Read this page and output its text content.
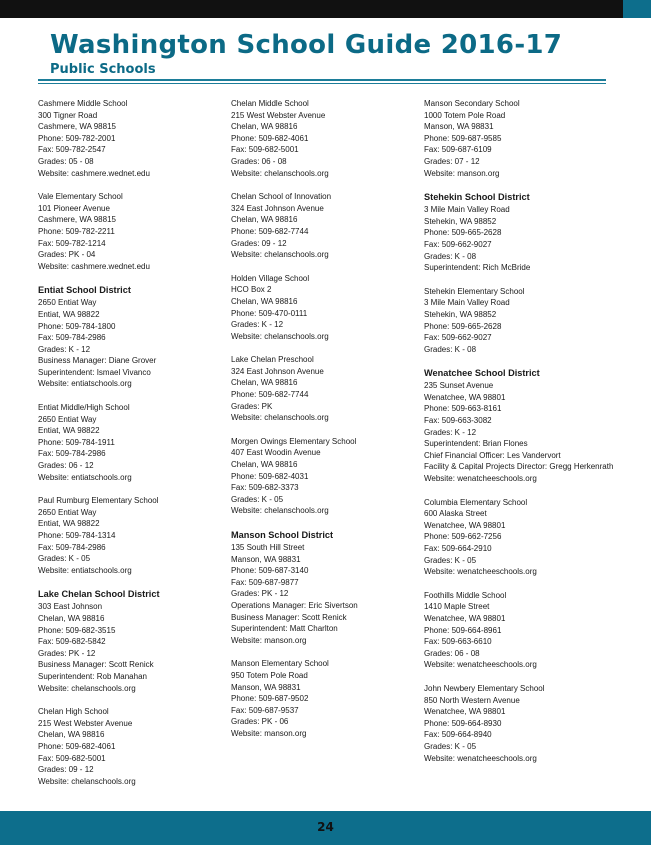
Washington School Guide 2016-17
Public Schools
Cashmere Middle School
300 Tigner Road
Cashmere, WA 98815
Phone: 509-782-2001
Fax: 509-782-2547
Grades: 05 - 08
Website: cashmere.wednet.edu
Vale Elementary School
101 Pioneer Avenue
Cashmere, WA 98815
Phone: 509-782-2211
Fax: 509-782-1214
Grades: PK - 04
Website: cashmere.wednet.edu
Entiat School District
2650 Entiat Way
Entiat, WA 98822
Phone: 509-784-1800
Fax: 509-784-2986
Grades: K - 12
Business Manager: Diane Grover
Superintendent: Ismael Vivanco
Website: entiatschools.org
Entiat Middle/High School
2650 Entiat Way
Entiat, WA 98822
Phone: 509-784-1911
Fax: 509-784-2986
Grades: 06 - 12
Website: entiatschools.org
Paul Rumburg Elementary School
2650 Entiat Way
Entiat, WA 98822
Phone: 509-784-1314
Fax: 509-784-2986
Grades: K - 05
Website: entiatschools.org
Lake Chelan School District
303 East Johnson
Chelan, WA 98816
Phone: 509-682-3515
Fax: 509-682-5842
Grades: PK - 12
Business Manager: Scott Renick
Superintendent: Rob Manahan
Website: chelanschools.org
Chelan High School
215 West Webster Avenue
Chelan, WA 98816
Phone: 509-682-4061
Fax: 509-682-5001
Grades: 09 - 12
Website: chelanschools.org
Chelan Middle School
215 West Webster Avenue
Chelan, WA 98816
Phone: 509-682-4061
Fax: 509-682-5001
Grades: 06 - 08
Website: chelanschools.org
Chelan School of Innovation
324 East Johnson Avenue
Chelan, WA 98816
Phone: 509-682-7744
Grades: 09 - 12
Website: chelanschools.org
Holden Village School
HCO Box 2
Chelan, WA 98816
Phone: 509-470-0111
Grades: K - 12
Website: chelanschools.org
Lake Chelan Preschool
324 East Johnson Avenue
Chelan, WA 98816
Phone: 509-682-7744
Grades: PK
Website: chelanschools.org
Morgen Owings Elementary School
407 East Woodin Avenue
Chelan, WA 98816
Phone: 509-682-4031
Fax: 509-682-3373
Grades: K - 05
Website: chelanschools.org
Manson School District
135 South Hill Street
Manson, WA 98831
Phone: 509-687-3140
Fax: 509-687-9877
Grades: PK - 12
Operations Manager: Eric Sivertson
Business Manager: Scott Renick
Superintendent: Matt Charlton
Website: manson.org
Manson Elementary School
950 Totem Pole Road
Manson, WA 98831
Phone: 509-687-9502
Fax: 509-687-9537
Grades: PK - 06
Website: manson.org
Manson Secondary School
1000 Totem Pole Road
Manson, WA 98831
Phone: 509-687-9585
Fax: 509-687-6109
Grades: 07 - 12
Website: manson.org
Stehekin School District
3 Mile Main Valley Road
Stehekin, WA 98852
Phone: 509-665-2628
Fax: 509-662-9027
Grades: K - 08
Superintendent: Rich McBride
Stehekin Elementary School
3 Mile Main Valley Road
Stehekin, WA 98852
Phone: 509-665-2628
Fax: 509-662-9027
Grades: K - 08
Wenatchee School District
235 Sunset Avenue
Wenatchee, WA 98801
Phone: 509-663-8161
Fax: 509-663-3082
Grades: K - 12
Superintendent: Brian Flones
Chief Financial Officer: Les Vandervort
Facility & Capital Projects Director: Gregg Herkenrath
Website: wenatcheeschools.org
Columbia Elementary School
600 Alaska Street
Wenatchee, WA 98801
Phone: 509-662-7256
Fax: 509-664-2910
Grades: K - 05
Website: wenatcheeschools.org
Foothills Middle School
1410 Maple Street
Wenatchee, WA 98801
Phone: 509-664-8961
Fax: 509-663-6610
Grades: 06 - 08
Website: wenatcheeschools.org
John Newbery Elementary School
850 North Western Avenue
Wenatchee, WA 98801
Phone: 509-664-8930
Fax: 509-664-8940
Grades: K - 05
Website: wenatcheeschools.org
24
